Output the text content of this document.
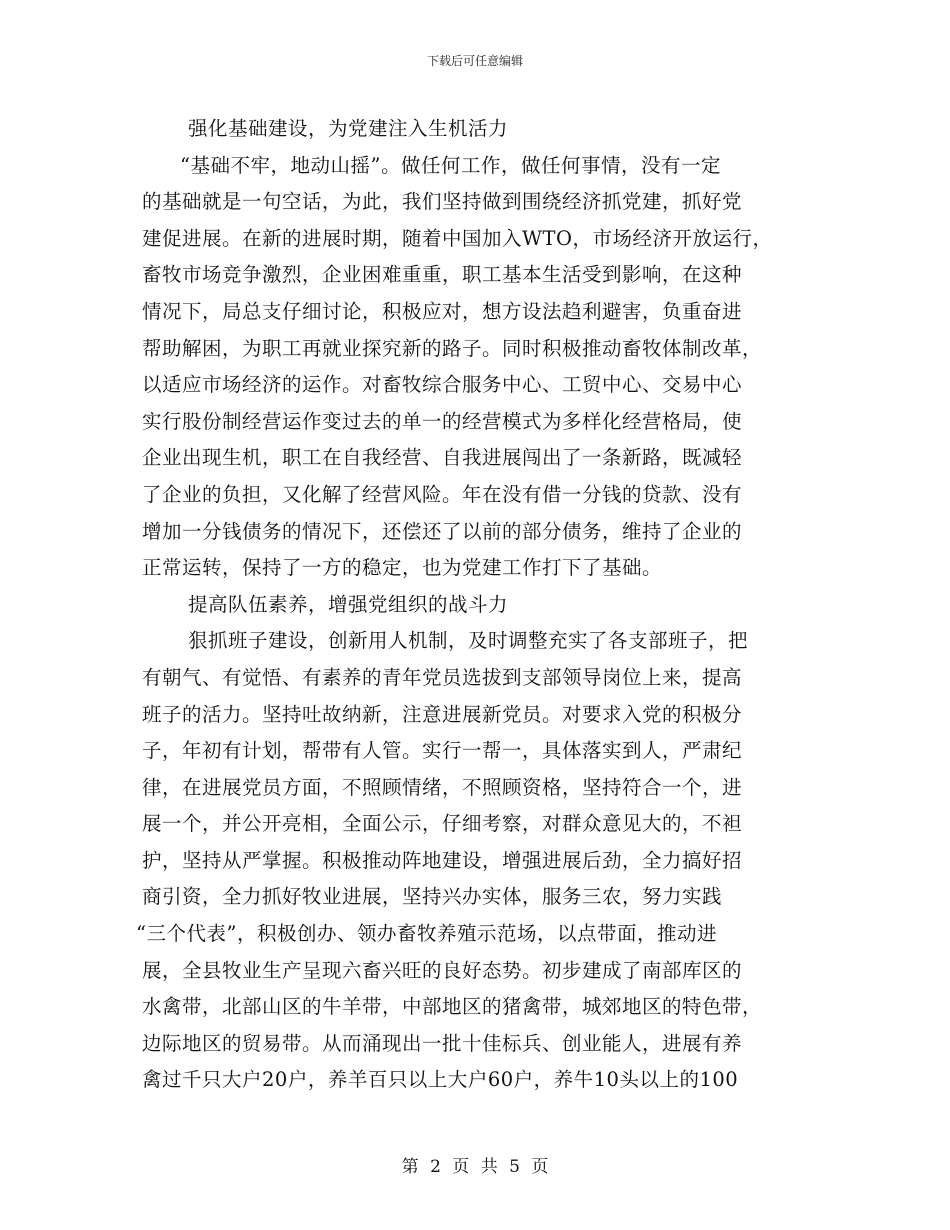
下载后可任意编辑
强化基础建设，为党建注入生机活力
“基础不牢，地动山摇”。做任何工作，做任何事情，没有一定
的基础就是一句空话，为此，我们坚持做到围绕经济抓党建，抓好党
建促进展。在新的进展时期，随着中国加入WTO，市场经济开放运行，
畜牧市场竞争激烈，企业困难重重，职工基本生活受到影响，在这种
情况下，局总支仔细讨论，积极应对，想方设法趋利避害，负重奋进
帮助解困，为职工再就业探究新的路子。同时积极推动畜牧体制改革，
以适应市场经济的运作。对畜牧综合服务中心、工贸中心、交易中心
实行股份制经营运作变过去的单一的经营模式为多样化经营格局，使
企业出现生机，职工在自我经营、自我进展闯出了一条新路，既减轻
了企业的负担，又化解了经营风险。年在没有借一分钱的贷款、没有
增加一分钱债务的情况下，还偿还了以前的部分债务，维持了企业的
正常运转，保持了一方的稳定，也为党建工作打下了基础。
提高队伍素养，增强党组织的战斗力
狠抓班子建设，创新用人机制，及时调整充实了各支部班子，把
有朝气、有觉悟、有素养的青年党员选拔到支部领导岗位上来，提高
班子的活力。坚持吐故纳新，注意进展新党员。对要求入党的积极分
子，年初有计划，帮带有人管。实行一帮一，具体落实到人，严肃纪
律，在进展党员方面，不照顾情绪，不照顾资格，坚持符合一个，进
展一个，并公开亮相，全面公示，仔细考察，对群众意见大的，不袒
护，坚持从严掌握。积极推动阵地建设，增强进展后劲，全力搞好招
商引资，全力抓好牧业进展，坚持兴办实体，服务三农，努力实践
“三个代表”，积极创办、领办畜牧养殖示范场，以点带面，推动进
展，全县牧业生产呈现六畜兴旺的良好态势。初步建成了南部库区的
水禽带，北部山区的牛羊带，中部地区的猪禽带，城郊地区的特色带，
边际地区的贸易带。从而涌现出一批十佳标兵、创业能人，进展有养
禽过千只大户20户，养羊百只以上大户60户，养牛10头以上的100
第 2 页 共 5 页
